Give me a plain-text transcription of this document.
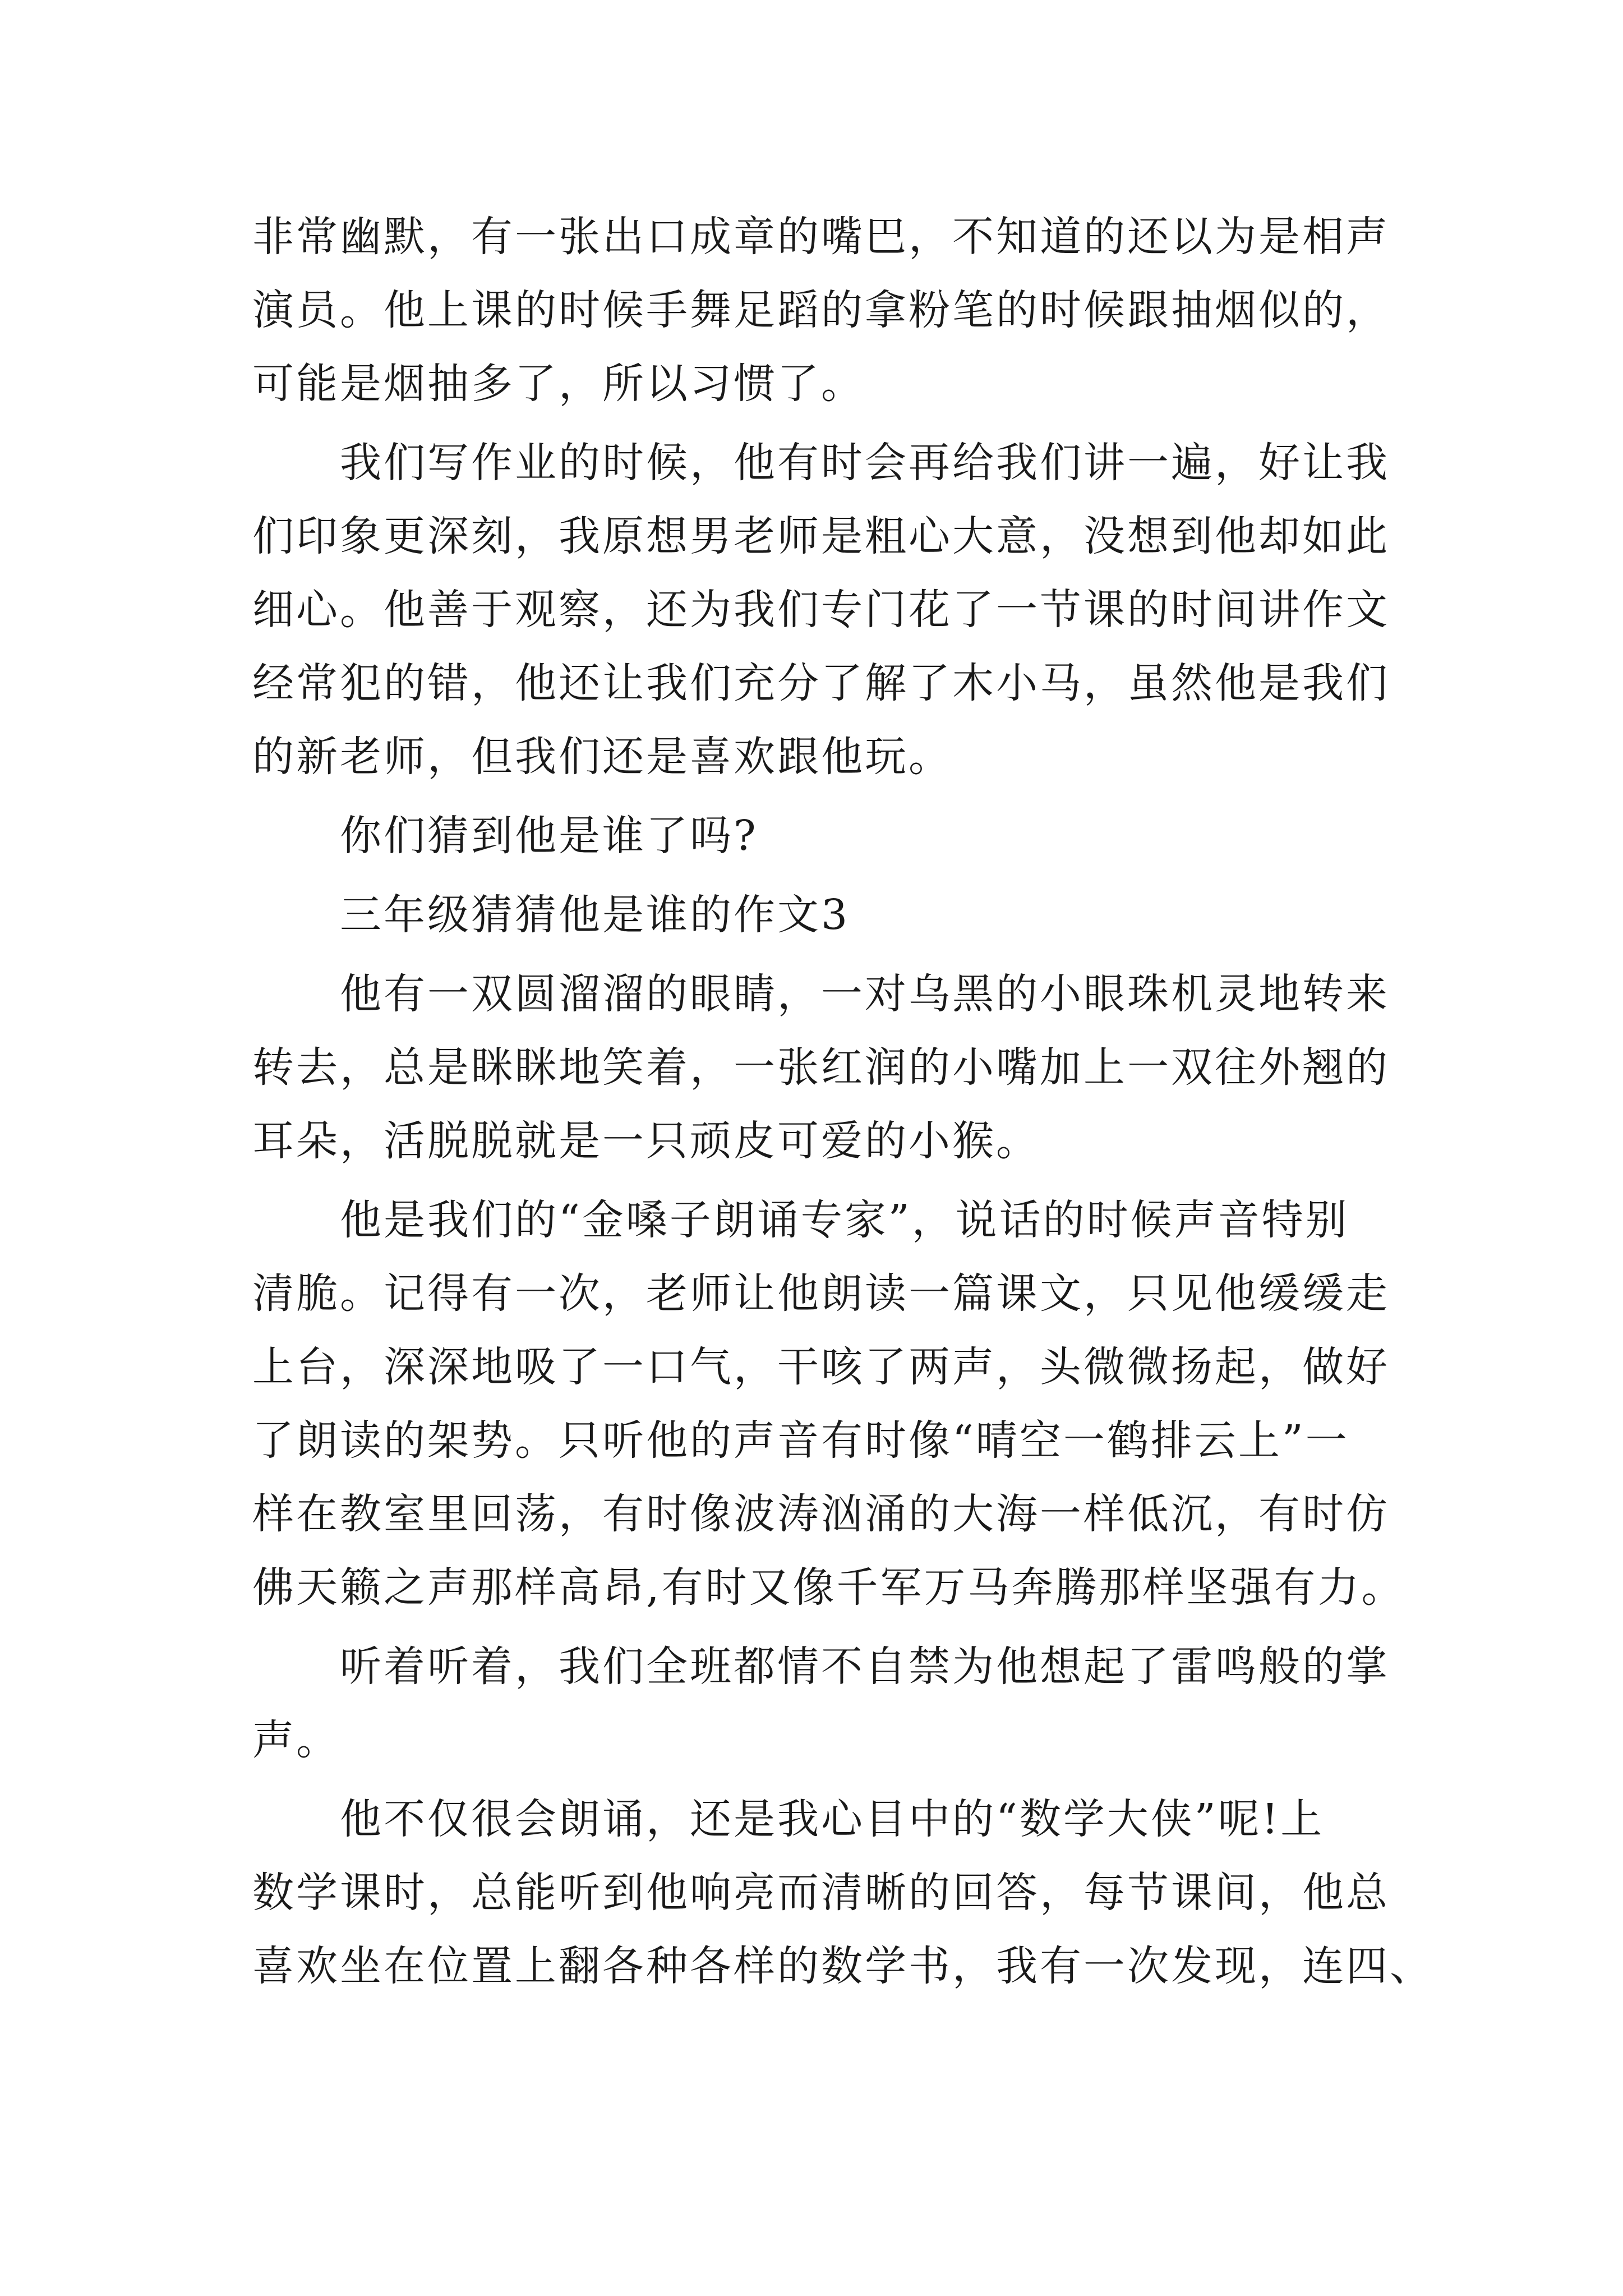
非常幽默，有一张出口成章的嘴巴，不知道的还以为是相声
演员。他上课的时候手舞足蹈的拿粉笔的时候跟抽烟似的，
可能是烟抽多了，所以习惯了。
我们写作业的时候，他有时会再给我们讲一遍，好让我
们印象更深刻，我原想男老师是粗心大意，没想到他却如此
细心。他善于观察，还为我们专门花了一节课的时间讲作文
经常犯的错，他还让我们充分了解了木小马，虽然他是我们
的新老师，但我们还是喜欢跟他玩。
你们猜到他是谁了吗?
三年级猜猜他是谁的作文3
他有一双圆溜溜的眼睛，一对乌黑的小眼珠机灵地转来
转去，总是眯眯地笑着，一张红润的小嘴加上一双往外翘的
耳朵，活脱脱就是一只顽皮可爱的小猴。
他是我们的“金嗓子朗诵专家”，说话的时候声音特别
清脆。记得有一次，老师让他朗读一篇课文，只见他缓缓走
上台，深深地吸了一口气，干咳了两声，头微微扬起，做好
了朗读的架势。只听他的声音有时像“晴空一鹤排云上”一
样在教室里回荡，有时像波涛汹涌的大海一样低沉，有时仿
佛天籁之声那样高昂,有时又像千军万马奔腾那样坚强有力。
听着听着，我们全班都情不自禁为他想起了雷鸣般的掌
声。
他不仅很会朗诵，还是我心目中的“数学大侠”呢!上
数学课时，总能听到他响亮而清晰的回答，每节课间，他总
喜欢坐在位置上翻各种各样的数学书，我有一次发现，连四、
